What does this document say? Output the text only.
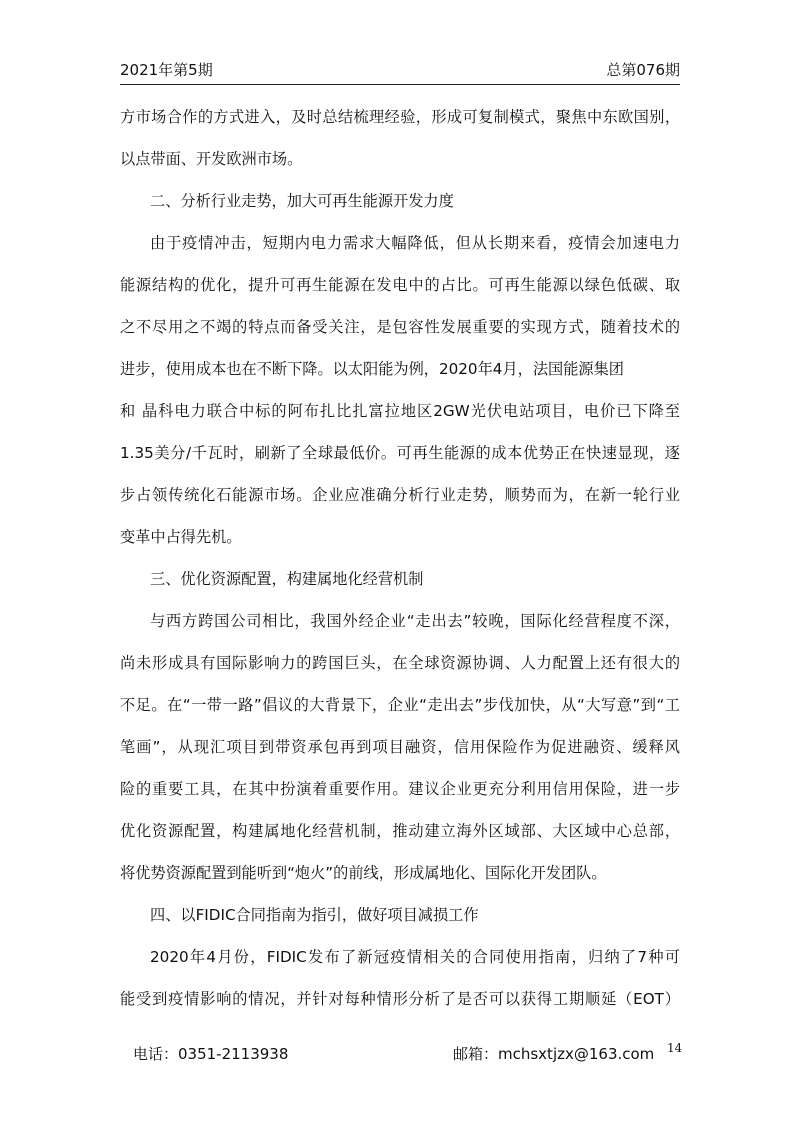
2021年第5期	总第076期
方市场合作的方式进入，及时总结梳理经验，形成可复制模式，聚焦中东欧国别，
以点带面、开发欧洲市场。
二、分析行业走势，加大可再生能源开发力度
由于疫情冲击，短期内电力需求大幅降低，但从长期来看，疫情会加速电力
能源结构的优化，提升可再生能源在发电中的占比。可再生能源以绿色低碳、取
之不尽用之不竭的特点而备受关注，是包容性发展重要的实现方式，随着技术的
进步，使用成本也在不断下降。以太阳能为例，2020年4月，法国能源集团
和 晶科电力联合中标的阿布扎比扎富拉地区2GW光伏电站项目，电价已下降至
1.35美分/千瓦时，刷新了全球最低价。可再生能源的成本优势正在快速显现，逐
步占领传统化石能源市场。企业应准确分析行业走势，顺势而为，在新一轮行业
变革中占得先机。
三、优化资源配置，构建属地化经营机制
与西方跨国公司相比，我国外经企业“走出去”较晚，国际化经营程度不深，
尚未形成具有国际影响力的跨国巨头，在全球资源协调、人力配置上还有很大的
不足。在“一带一路”倡议的大背景下，企业“走出去”步伐加快，从“大写意”到“工
笔画”，从现汇项目到带资承包再到项目融资，信用保险作为促进融资、缓释风
险的重要工具，在其中扮演着重要作用。建议企业更充分利用信用保险，进一步
优化资源配置，构建属地化经营机制，推动建立海外区域部、大区域中心总部，
将优势资源配置到能听到“炮火”的前线，形成属地化、国际化开发团队。
四、以FIDIC合同指南为指引，做好项目减损工作
2020年4月份，FIDIC发布了新冠疫情相关的合同使用指南，归纳了7种可
能受到疫情影响的情况，并针对每种情形分析了是否可以获得工期顺延（EOT）
电话：0351-2113938	邮箱：mchsxtjzx@163.com 14
